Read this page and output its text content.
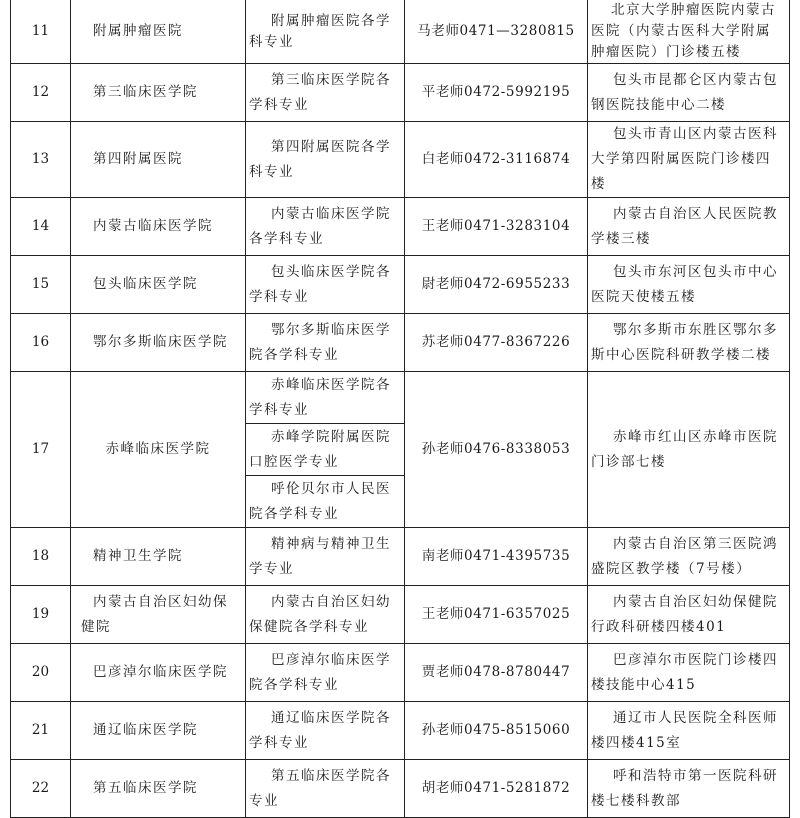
11	附属肿瘤医院	附属肿瘤医院各学科专业	马老师0471—3280815	北京大学肿瘤医院内蒙古医院（内蒙古医科大学附属肿瘤医院）门诊楼五楼
12	第三临床医学院	第三临床医学院各学科专业	平老师0472-5992195	包头市昆都仑区内蒙古包钢医院技能中心二楼
13	第四附属医院	第四附属医院各学科专业	白老师0472-3116874	包头市青山区内蒙古医科大学第四附属医院门诊楼四楼
14	内蒙古临床医学院	内蒙古临床医学院各学科专业	王老师0471-3283104	内蒙古自治区人民医院教学楼三楼
15	包头临床医学院	包头临床医学院各学科专业	尉老师0472-6955233	包头市东河区包头市中心医院天使楼五楼
16	鄂尔多斯临床医学院	鄂尔多斯临床医学院各学科专业	苏老师0477-8367226	鄂尔多斯市东胜区鄂尔多斯中心医院科研教学楼二楼
17	赤峰临床医学院	赤峰临床医学院各学科专业	孙老师0476-8338053	赤峰市红山区赤峰市医院门诊部七楼
		赤峰学院附属医院口腔医学专业		
		呼伦贝尔市人民医院各学科专业		
18	精神卫生学院	精神病与精神卫生学专业	南老师0471-4395735	内蒙古自治区第三医院鸿盛院区教学楼（7号楼）
19	内蒙古自治区妇幼保健院	内蒙古自治区妇幼保健院各学科专业	王老师0471-6357025	内蒙古自治区妇幼保健院行政科研楼四楼401
20	巴彦淖尔临床医学院	巴彦淖尔临床医学院各学科专业	贾老师0478-8780447	巴彦淖尔市医院门诊楼四楼技能中心415
21	通辽临床医学院	通辽临床医学院各学科专业	孙老师0475-8515060	通辽市人民医院全科医师楼四楼415室
22	第五临床医学院	第五临床医学院各专业	胡老师0471-5281872	呼和浩特市第一医院科研楼七楼科教部
